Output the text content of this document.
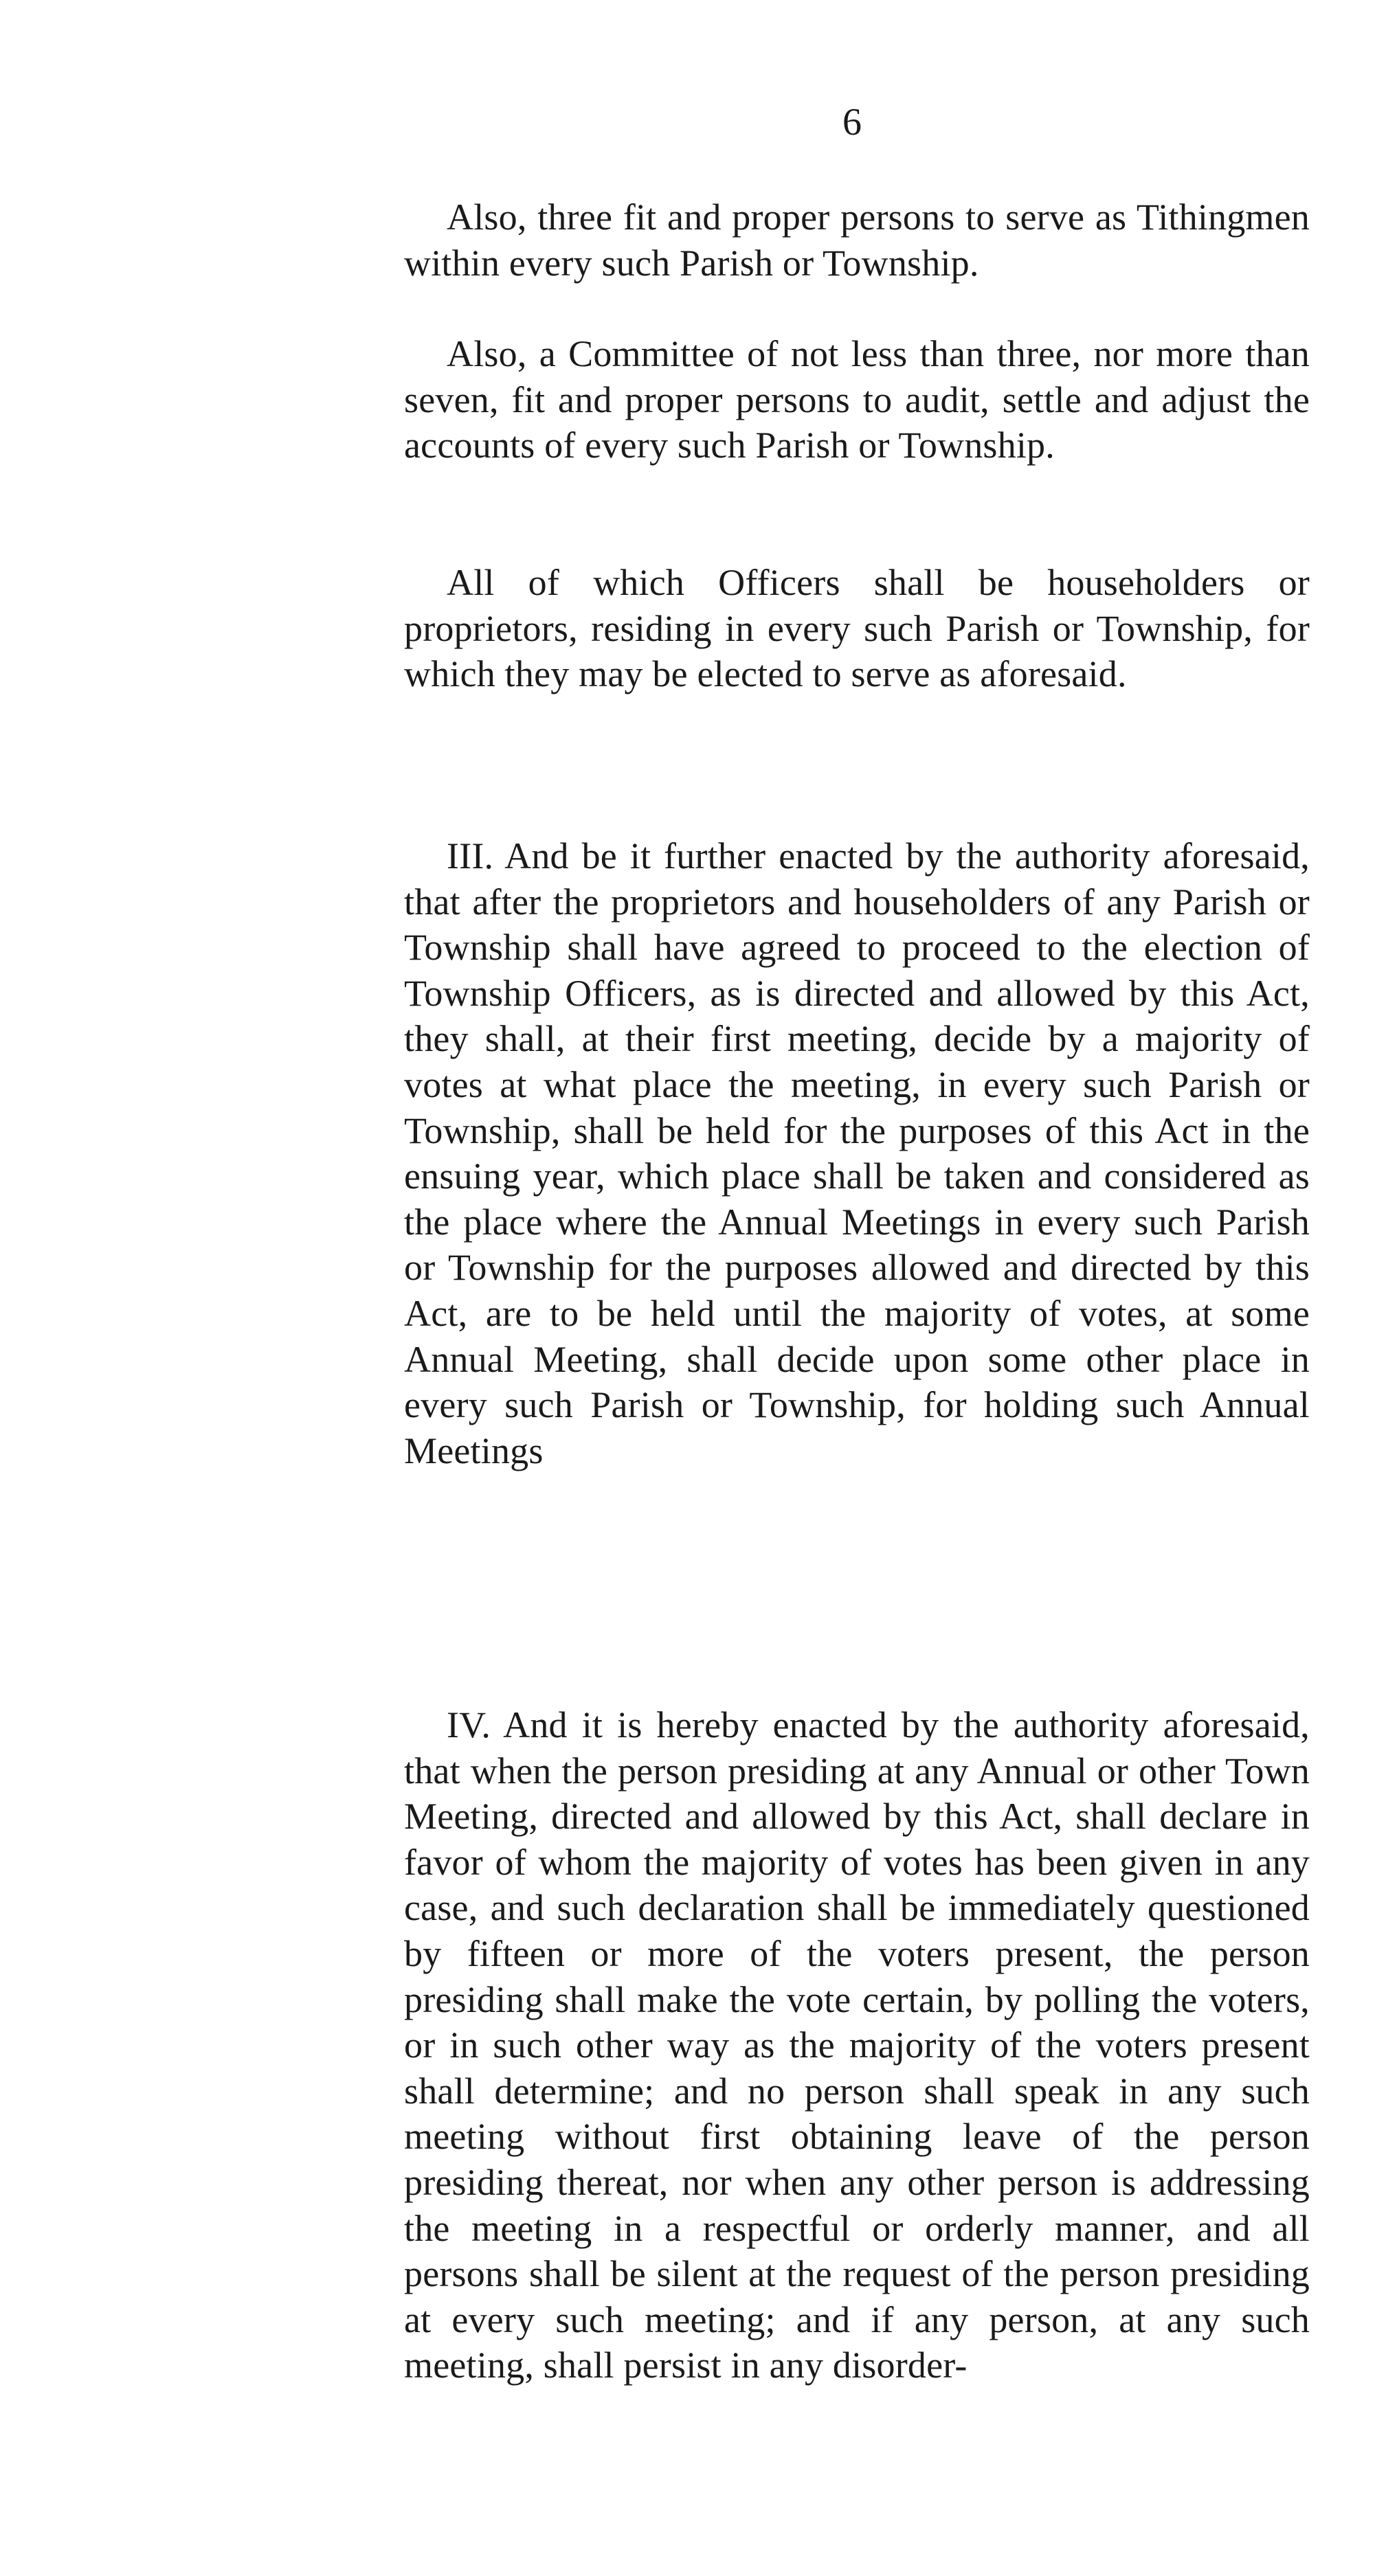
6

Also, three fit and proper persons to serve as Tithingmen within every such Parish or Township.

Also, a Committee of not less than three, nor more than seven, fit and proper persons to audit, settle and adjust the accounts of every such Parish or Township.

All of which Officers shall be householders or proprietors, residing in every such Parish or Township, for which they may be elected to serve as aforesaid.

III. And be it further enacted by the authority aforesaid, that after the proprietors and householders of any Parish or Township shall have agreed to proceed to the election of Township Officers, as is directed and allowed by this Act, they shall, at their first meeting, decide by a majority of votes at what place the meeting, in every such Parish or Township, shall be held for the purposes of this Act in the ensuing year, which place shall be taken and considered as the place where the Annual Meetings in every such Parish or Township for the purposes allowed and directed by this Act, are to be held until the majority of votes, at some Annual Meeting, shall decide upon some other place in every such Parish or Township, for holding such Annual Meetings

IV. And it is hereby enacted by the authority aforesaid, that when the person presiding at any Annual or other Town Meeting, directed and allowed by this Act, shall declare in favor of whom the majority of votes has been given in any case, and such declaration shall be immediately questioned by fifteen or more of the voters present, the person presiding shall make the vote certain, by polling the voters, or in such other way as the majority of the voters present shall determine; and no person shall speak in any such meeting without first obtaining leave of the person presiding thereat, nor when any other person is addressing the meeting in a respectful or orderly manner, and all persons shall be silent at the request of the person presiding at every such meeting; and if any person, at any such meeting, shall persist in any disorder-
